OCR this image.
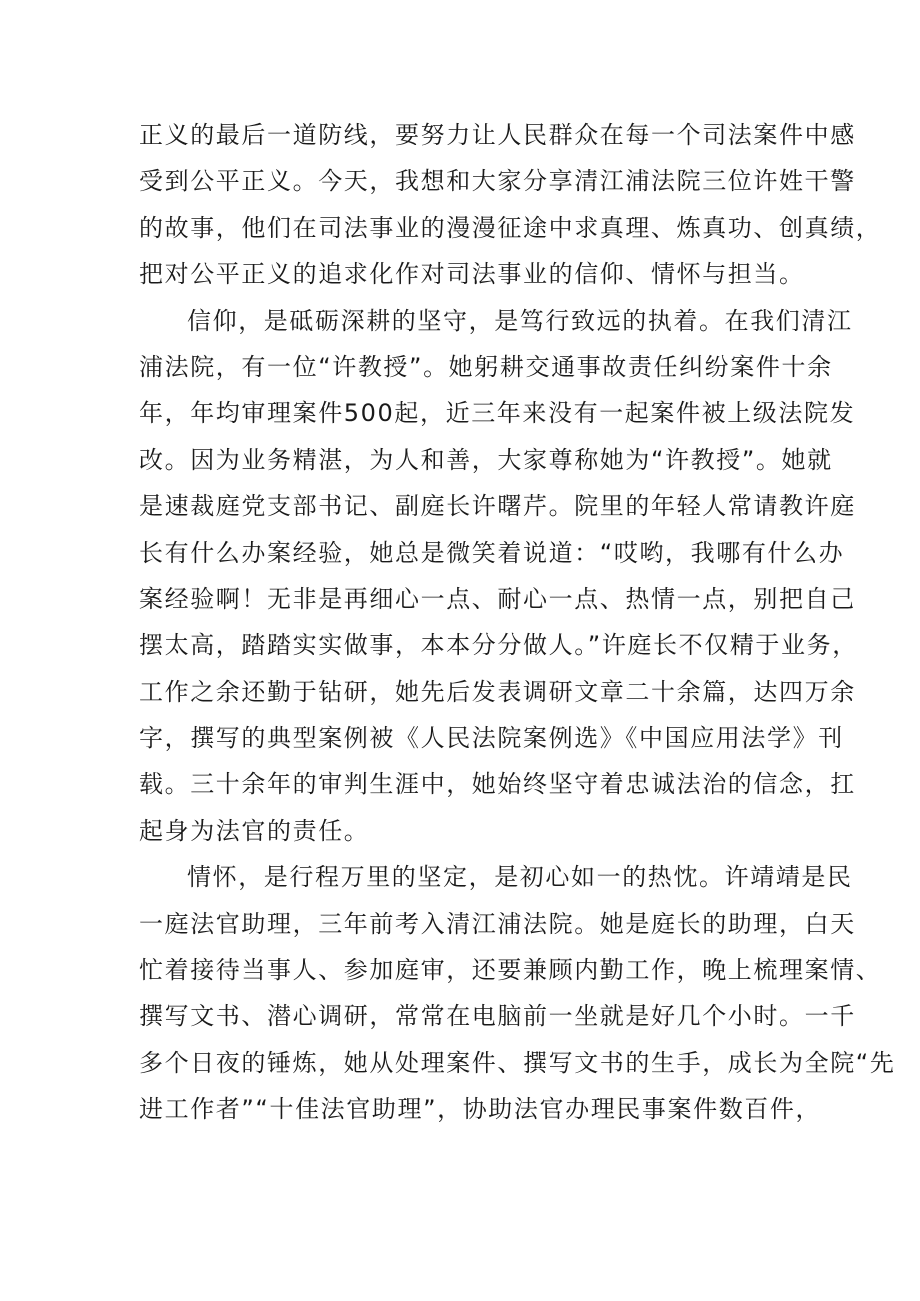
正义的最后一道防线，要努力让人民群众在每一个司法案件中感
受到公平正义。今天，我想和大家分享清江浦法院三位许姓干警
的故事，他们在司法事业的漫漫征途中求真理、炼真功、创真绩，
把对公平正义的追求化作对司法事业的信仰、情怀与担当。
信仰，是砥砺深耕的坚守，是笃行致远的执着。在我们清江
浦法院，有一位“许教授”。她躬耕交通事故责任纠纷案件十余
年，年均审理案件500起，近三年来没有一起案件被上级法院发
改。因为业务精湛，为人和善，大家尊称她为“许教授”。她就
是速裁庭党支部书记、副庭长许曙芹。院里的年轻人常请教许庭
长有什么办案经验，她总是微笑着说道：“哎哟，我哪有什么办
案经验啊！无非是再细心一点、耐心一点、热情一点，别把自己
摆太高，踏踏实实做事，本本分分做人。”许庭长不仅精于业务，
工作之余还勤于钻研，她先后发表调研文章二十余篇，达四万余
字，撰写的典型案例被《人民法院案例选》《中国应用法学》刊
载。三十余年的审判生涯中，她始终坚守着忠诚法治的信念，扛
起身为法官的责任。
情怀，是行程万里的坚定，是初心如一的热忱。许靖靖是民
一庭法官助理，三年前考入清江浦法院。她是庭长的助理，白天
忙着接待当事人、参加庭审，还要兼顾内勤工作，晚上梳理案情、
撰写文书、潜心调研，常常在电脑前一坐就是好几个小时。一千
多个日夜的锤炼，她从处理案件、撰写文书的生手，成长为全院“先
进工作者”“十佳法官助理”，协助法官办理民事案件数百件，
